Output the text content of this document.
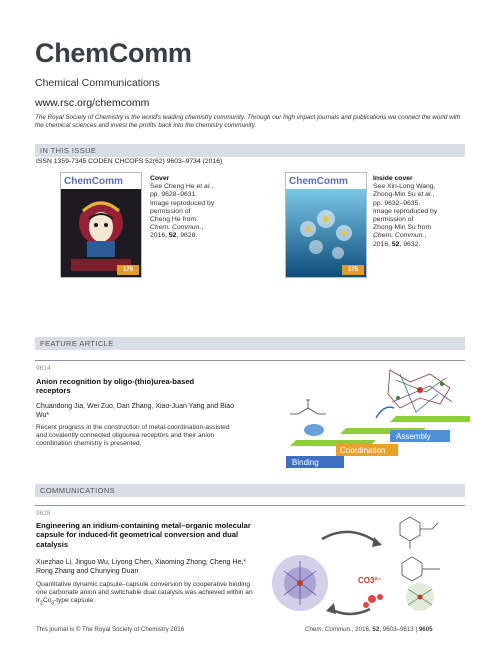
ChemComm
Chemical Communications
www.rsc.org/chemcomm
The Royal Society of Chemistry is the world's leading chemistry community. Through our high impact journals and publications we connect the world with the chemical sciences and invest the profits back into the chemistry community.
IN THIS ISSUE
ISSN 1359-7345 CODEN CHCOFS 52(62) 9603–9734 (2016)
ChemComm
175
Cover
See Cheng He et al.,
pp. 9628–9631.
Image reproduced by
permission of
Cheng He from
Chem. Commun.,
2016, 52, 9628.
ChemComm
175
Inside cover
See Xin-Long Wang,
Zhong-Min Su et al.,
pp. 9632–9635.
Image reproduced by
permission of
Zhong-Min Su from
Chem. Commun.,
2016, 52, 9632.
FEATURE ARTICLE
9614
Anion recognition by oligo-(thio)urea-based receptors
Chuandong Jia, Wei Zuo, Dan Zhang, Xiao-Juan Yang and Biao Wu*
Recent progress in the construction of metal-coordination-assisted and covalently connected oligourea receptors and their anion coordination chemistry is presented.
Binding
Coordination
Assembly
COMMUNICATIONS
9628
Engineering an iridium-containing metal–organic molecular capsule for induced-fit geometrical conversion and dual catalysis
Xuezhao Li, Jinguo Wu, Liyong Chen, Xiaoming Zhong, Cheng He,* Rong Zhang and Chunying Duan
Quantitative dynamic capsule–capsule conversion by cooperative binding one carbonate anion and switchable dual catalysis was achieved within an $Ir_2Co_3$-type capsule.
CO3²⁻
This journal is © The Royal Society of Chemistry 2016	Chem. Commun., 2016, 52, 9603–9613 | 9605
